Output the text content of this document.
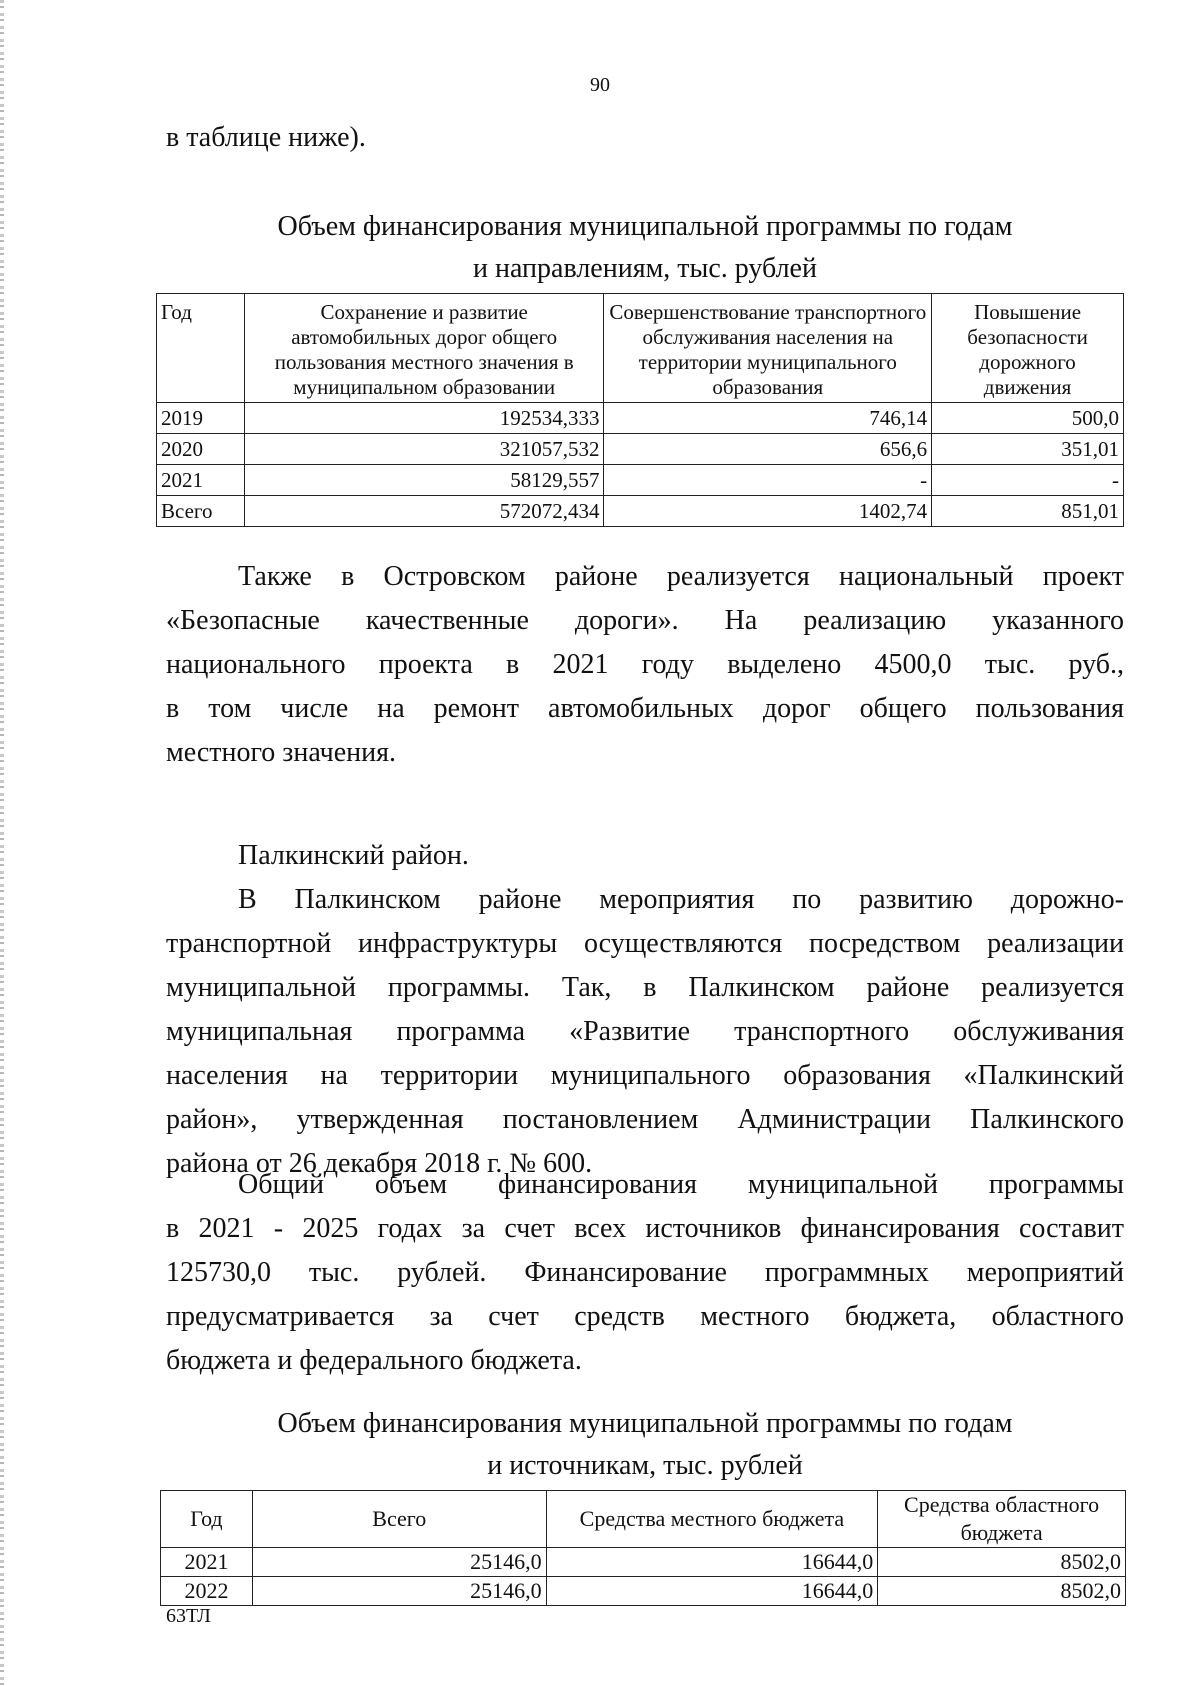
90
в таблице ниже).
Объем финансирования муниципальной программы по годам
и направлениям, тыс. рублей
Год	Сохранение и развитие автомобильных дорог общего пользования местного значения в муниципальном образовании	Совершенствование транспортного обслуживания населения на территории муниципального образования	Повышение безопасности дорожного движения
2019	192534,333	746,14	500,0
2020	321057,532	656,6	351,01
2021	58129,557	-	-
Всего	572072,434	1402,74	851,01
Также в Островском районе реализуется национальный проект
«Безопасные качественные дороги». На реализацию указанного
национального проекта в 2021 году выделено 4500,0 тыс. руб.,
в том числе на ремонт автомобильных дорог общего пользования
местного значения.
Палкинский район.
В Палкинском районе мероприятия по развитию дорожно-
транспортной инфраструктуры осуществляются посредством реализации
муниципальной программы. Так, в Палкинском районе реализуется
муниципальная программа «Развитие транспортного обслуживания
населения на территории муниципального образования «Палкинский
район», утвержденная постановлением Администрации Палкинского
района от 26 декабря 2018 г. № 600.
Общий объем финансирования муниципальной программы
в 2021 - 2025 годах за счет всех источников финансирования составит
125730,0 тыс. рублей. Финансирование программных мероприятий
предусматривается за счет средств местного бюджета, областного
бюджета и федерального бюджета.
Объем финансирования муниципальной программы по годам
и источникам, тыс. рублей
Год	Всего	Средства местного бюджета	Средства областного бюджета
2021	25146,0	16644,0	8502,0
2022	25146,0	16644,0	8502,0
63ТЛ
